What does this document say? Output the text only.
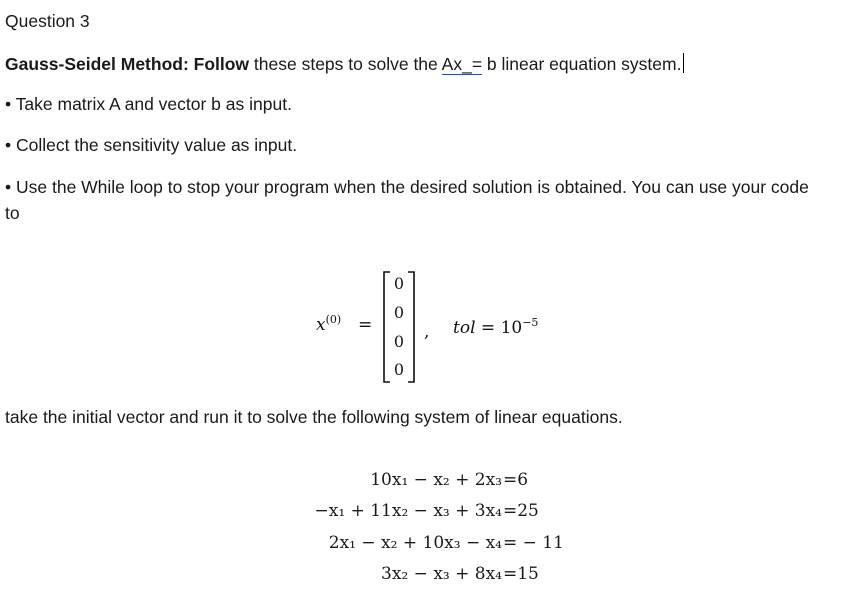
Question 3
Gauss-Seidel Method: Follow these steps to solve the Ax_= b linear equation system.
• Take matrix A and vector b as input.
• Collect the sensitivity value as input.
• Use the While loop to stop your program when the desired solution is obtained. You can use your code to
$x^{(0)}$ =
0
0
0
0
, tol = $10^{-5}$
take the initial vector and run it to solve the following system of linear equations.
10x₁ − x₂ + 2x₃ =6
−x₁ + 11x₂ − x₃ + 3x₄ =25
2x₁ − x₂ + 10x₃ − x₄ = − 11
3x₂ − x₃ + 8x₄ =15
